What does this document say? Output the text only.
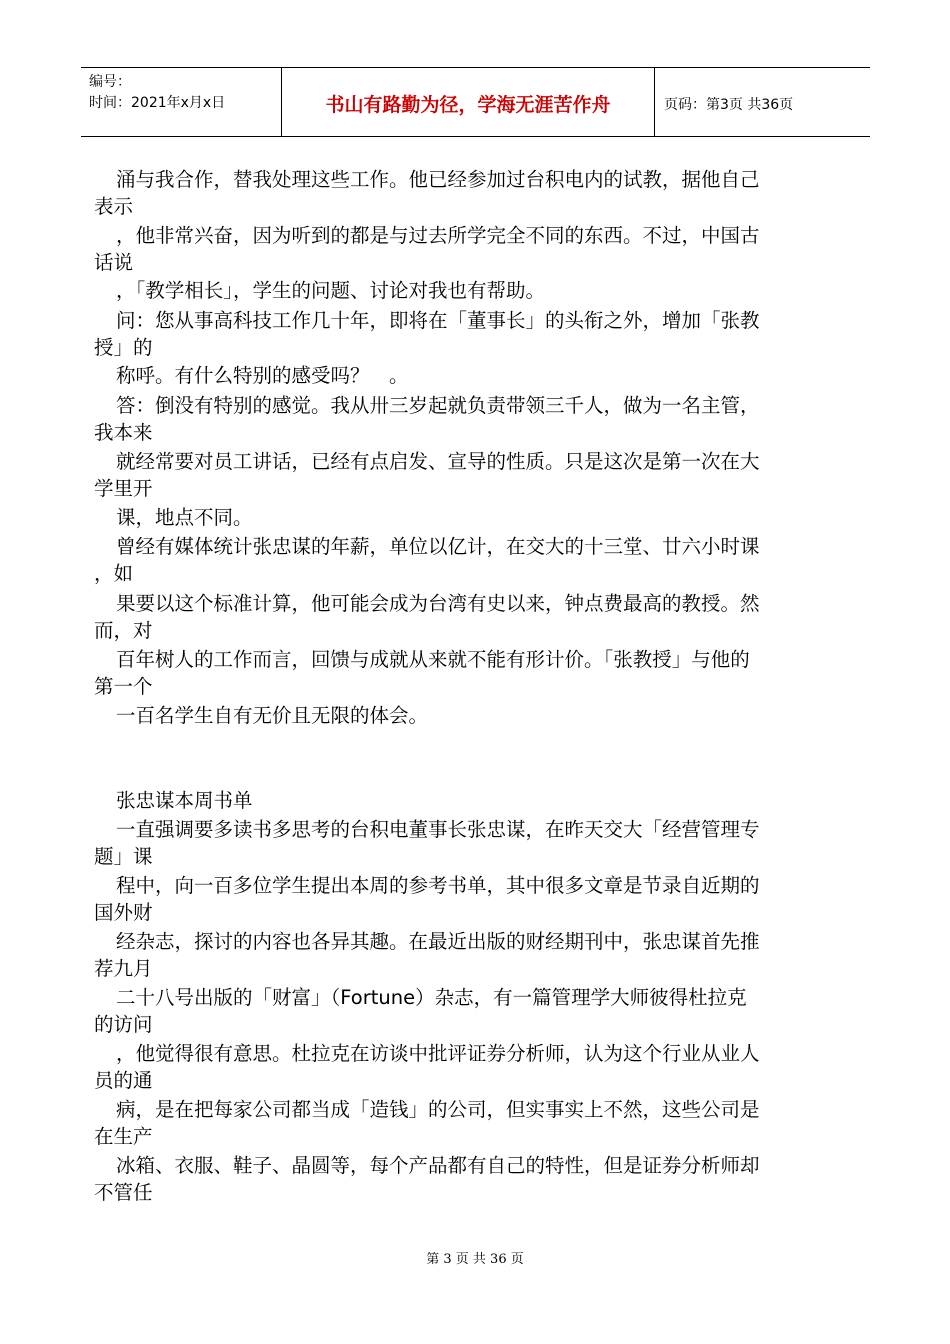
编号：
时间：2021年x月x日	书山有路勤为径，学海无涯苦作舟	页码：第3页 共36页
涌与我合作，替我处理这些工作。他已经参加过台积电内的试教，据他自己
表示
，他非常兴奋，因为听到的都是与过去所学完全不同的东西。不过，中国古
话说
，「教学相长」，学生的问题、讨论对我也有帮助。
问：您从事高科技工作几十年，即将在「董事长」的头衔之外，增加「张教
授」的
称呼。有什么特别的感受吗？　。
答：倒没有特别的感觉。我从卅三岁起就负责带领三千人，做为一名主管，
我本来
就经常要对员工讲话，已经有点启发、宣导的性质。只是这次是第一次在大
学里开
课，地点不同。
曾经有媒体统计张忠谋的年薪，单位以亿计，在交大的十三堂、廿六小时课
，如
果要以这个标准计算，他可能会成为台湾有史以来，钟点费最高的教授。然
而，对
百年树人的工作而言，回馈与成就从来就不能有形计价。「张教授」与他的
第一个
一百名学生自有无价且无限的体会。
张忠谋本周书单
一直强调要多读书多思考的台积电董事长张忠谋，在昨天交大「经营管理专
题」课
程中，向一百多位学生提出本周的参考书单，其中很多文章是节录自近期的
国外财
经杂志，探讨的内容也各异其趣。在最近出版的财经期刊中，张忠谋首先推
荐九月
二十八号出版的「财富」（Fortune）杂志，有一篇管理学大师彼得杜拉克
的访问
，他觉得很有意思。杜拉克在访谈中批评证券分析师，认为这个行业从业人
员的通
病，是在把每家公司都当成「造钱」的公司，但实事实上不然，这些公司是
在生产
冰箱、衣服、鞋子、晶圆等，每个产品都有自己的特性，但是证券分析师却
不管任
第 3 页 共 36 页
